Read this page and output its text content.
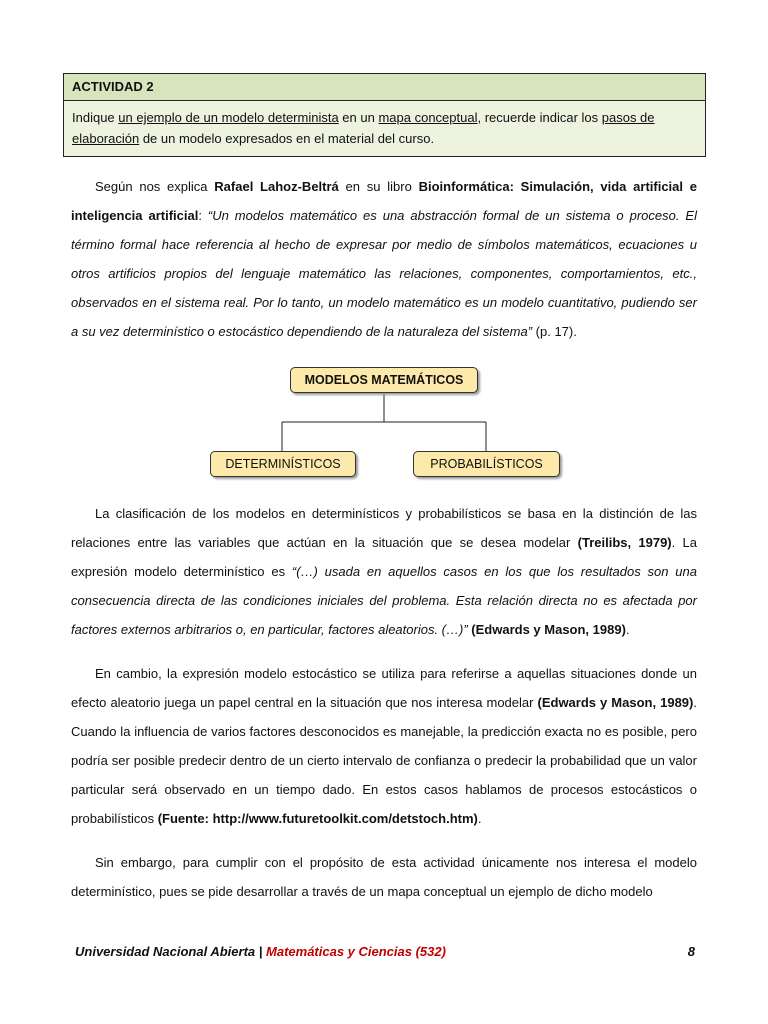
ACTIVIDAD 2
Indique un ejemplo de un modelo determinista en un mapa conceptual, recuerde indicar los pasos de elaboración de un modelo expresados en el material del curso.

Según nos explica Rafael Lahoz-Beltrá en su libro Bioinformática: Simulación, vida artificial e inteligencia artificial: “Un modelos matemático es una abstracción formal de un sistema o proceso. El término formal hace referencia al hecho de expresar por medio de símbolos matemáticos, ecuaciones u otros artificios propios del lenguaje matemático las relaciones, componentes, comportamientos, etc., observados en el sistema real. Por lo tanto, un modelo matemático es un modelo cuantitativo, pudiendo ser a su vez determinístico o estocástico dependiendo de la naturaleza del sistema” (p. 17).

MODELOS MATEMÁTICOS
DETERMINÍSTICOS	PROBABILÍSTICOS

La clasificación de los modelos en determinísticos y probabilísticos se basa en la distinción de las relaciones entre las variables que actúan en la situación que se desea modelar (Treilibs, 1979). La expresión modelo determinístico es “(…) usada en aquellos casos en los que los resultados son una consecuencia directa de las condiciones iniciales del problema. Esta relación directa no es afectada por factores externos arbitrarios o, en particular, factores aleatorios. (…)” (Edwards y Mason, 1989).

En cambio, la expresión modelo estocástico se utiliza para referirse a aquellas situaciones donde un efecto aleatorio juega un papel central en la situación que nos interesa modelar (Edwards y Mason, 1989). Cuando la influencia de varios factores desconocidos es manejable, la predicción exacta no es posible, pero podría ser posible predecir dentro de un cierto intervalo de confianza o predecir la probabilidad que un valor particular será observado en un tiempo dado. En estos casos hablamos de procesos estocásticos o probabilísticos (Fuente: http://www.futuretoolkit.com/detstoch.htm).

Sin embargo, para cumplir con el propósito de esta actividad únicamente nos interesa el modelo determinístico, pues se pide desarrollar a través de un mapa conceptual un ejemplo de dicho modelo

Universidad Nacional Abierta | Matemáticas y Ciencias (532)	8
